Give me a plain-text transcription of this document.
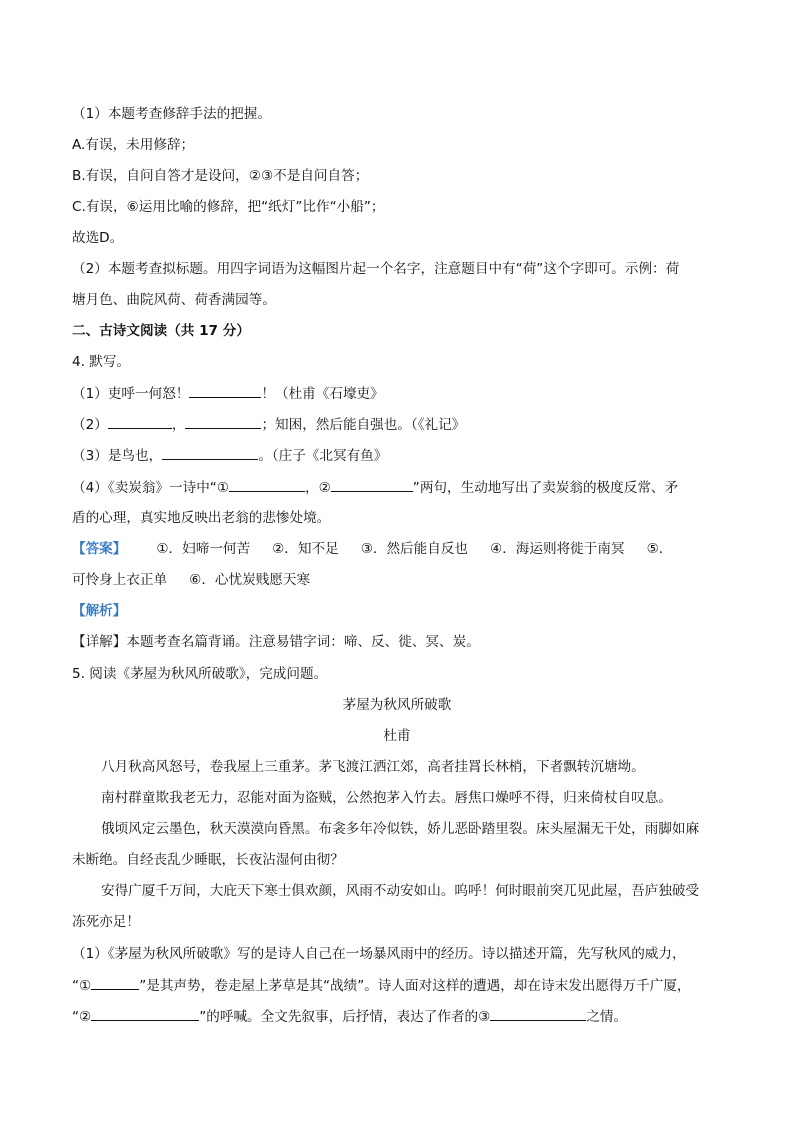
（1）本题考查修辞手法的把握。
A.有误，未用修辞；
B.有误，自问自答才是设问，②③不是自问自答；
C.有误，⑥运用比喻的修辞，把“纸灯”比作“小船”；
故选D。
（2）本题考查拟标题。用四字词语为这幅图片起一个名字，注意题目中有“荷”这个字即可。示例：荷
塘月色、曲院风荷、荷香满园等。
二、古诗文阅读（共 17 分）
4. 默写。
（1）吏呼一何怒！	！（杜甫《石壕吏》
（2）	，	；知困，然后能自强也。（《礼记》
（3）是鸟也，	。（庄子《北冥有鱼》
（4）《卖炭翁》一诗中“①	，②	”两句，生动地写出了卖炭翁的极度反常、矛
盾的心理，真实地反映出老翁的悲惨处境。
【答案】 ①．妇啼一何苦 ②．知不足 ③．然后能自反也 ④．海运则将徙于南冥 ⑤．
可怜身上衣正单 ⑥．心忧炭贱愿天寒
【解析】
【详解】本题考查名篇背诵。注意易错字词：啼、反、徙、冥、炭。
5. 阅读《茅屋为秋风所破歌》，完成问题。
茅屋为秋风所破歌
杜甫
八月秋高风怒号，卷我屋上三重茅。茅飞渡江洒江郊，高者挂罥长林梢，下者飘转沉塘坳。
南村群童欺我老无力，忍能对面为盗贼，公然抱茅入竹去。唇焦口燥呼不得，归来倚杖自叹息。
俄顷风定云墨色，秋天漠漠向昏黑。布衾多年冷似铁，娇儿恶卧踏里裂。床头屋漏无干处，雨脚如麻
未断绝。自经丧乱少睡眠，长夜沾湿何由彻？
安得广厦千万间，大庇天下寒士俱欢颜，风雨不动安如山。呜呼！何时眼前突兀见此屋，吾庐独破受
冻死亦足！
（1）《茅屋为秋风所破歌》写的是诗人自己在一场暴风雨中的经历。诗以描述开篇，先写秋风的威力，
“①	”是其声势，卷走屋上茅草是其“战绩”。诗人面对这样的遭遇，却在诗末发出愿得万千广厦，
“②	”的呼喊。全文先叙事，后抒情，表达了作者的③	之情。
